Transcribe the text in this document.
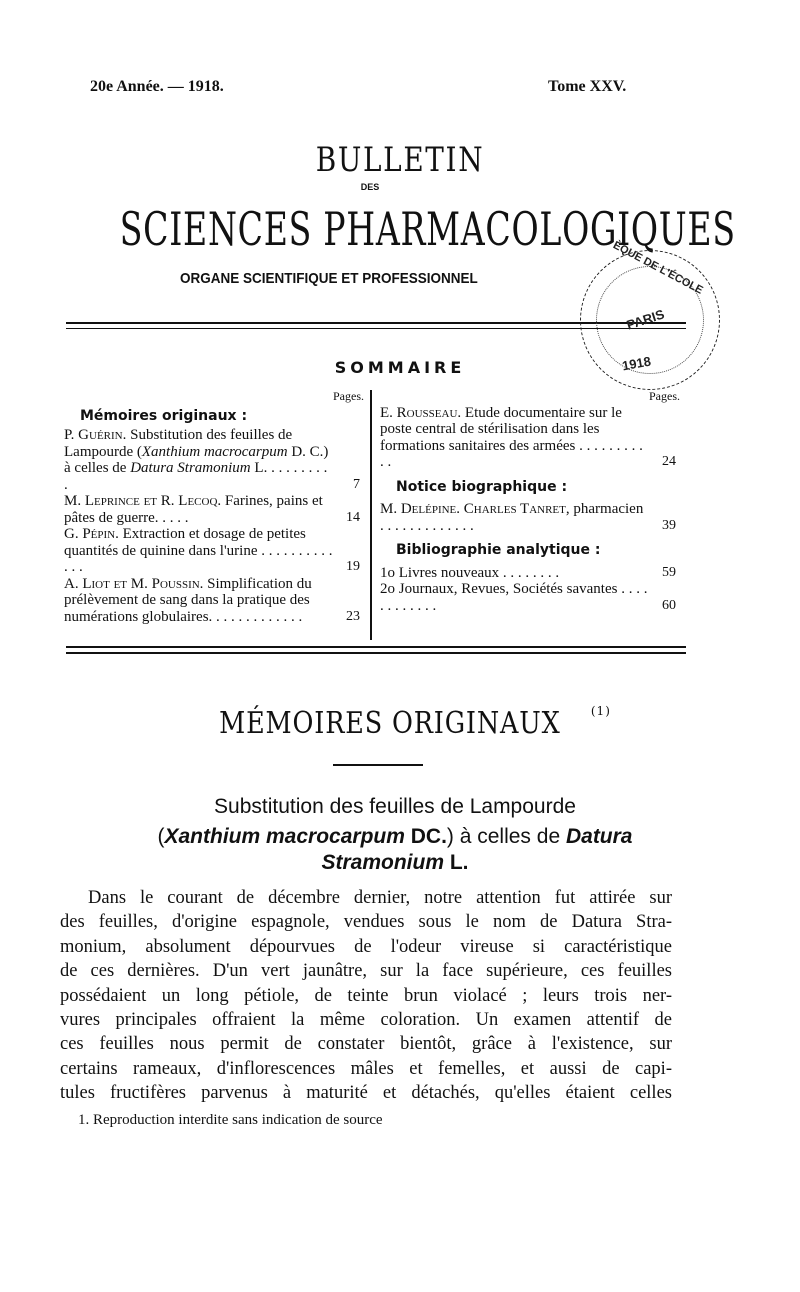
20e Année. — 1918.	Tome XXV.
BULLETIN
DES
SCIENCES PHARMACOLOGIQUES
ORGANE SCIENTIFIQUE ET PROFESSIONNEL	ÈQUE DE L'ÉCOLE
PARIS
1918
SOMMAIRE
Pages.
Mémoires originaux :
P. Guérin. Substitution des feuilles de Lampourde (Xanthium macrocarpum D. C.) à celles de Datura Stramonium L. . . . . . . . . .	7
M. Leprince et R. Lecoq. Farines, pains et pâtes de guerre. . . . .	14
G. Pépin. Extraction et dosage de petites quantités de quinine dans l'urine . . . . . . . . . . . . .	19
A. Liot et M. Poussin. Simplification du prélèvement de sang dans la pratique des numérations globulaires. . . . . . . . . . . . .	23
Pages.
E. Rousseau. Etude documentaire sur le poste central de stérilisation dans les formations sanitaires des armées . . . . . . . . . . .	24
Notice biographique :
M. Delépine. Charles Tanret, pharmacien . . . . . . . . . . . . .	39
Bibliographie analytique :
1o Livres nouveaux . . . . . . . .	59
2o Journaux, Revues, Sociétés savantes . . . . . . . . . . . .	60
MÉMOIRES ORIGINAUX	$^{(1)}$
Substitution des feuilles de Lampourde
(Xanthium macrocarpum DC.) à celles de Datura
Stramonium L.
Dans le courant de décembre dernier, notre attention fut attirée sur
des feuilles, d'origine espagnole, vendues sous le nom de Datura Stra-
monium, absolument dépourvues de l'odeur vireuse si caractéristique
de ces dernières. D'un vert jaunâtre, sur la face supérieure, ces feuilles
possédaient un long pétiole, de teinte brun violacé ; leurs trois ner-
vures principales offraient la même coloration. Un examen attentif de
ces feuilles nous permit de constater bientôt, grâce à l'existence, sur
certains rameaux, d'inflorescences mâles et femelles, et aussi de capi-
tules fructifères parvenus à maturité et détachés, qu'elles étaient celles
1. Reproduction interdite sans indication de source
